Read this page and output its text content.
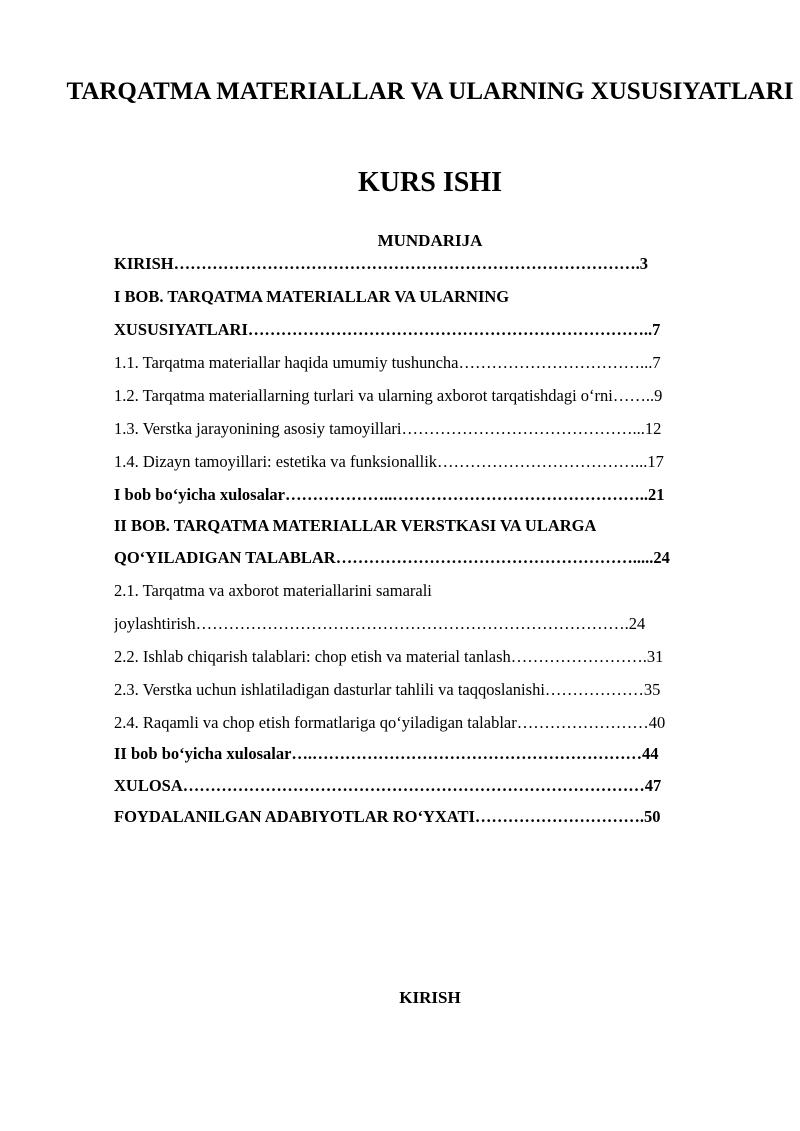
TARQATMA MATERIALLAR VA ULARNING XUSUSIYATLARI
KURS ISHI
MUNDARIJA
KIRISH………………………………………………………………………….3
I BOB. TARQATMA MATERIALLAR VA ULARNING
XUSUSIYATLARI………………………………………………………………..7
1.1. Tarqatma materiallar haqida umumiy tushuncha……………………………...7
1.2. Tarqatma materiallarning turlari va ularning axborot tarqatishdagi o‘rni……..9
1.3. Verstka jarayonining asosiy tamoyillari……………………………………...12
1.4. Dizayn tamoyillari: estetika va funksionallik………………………………...17
I bob bo‘yicha xulosalar………………..………………………………………..21
II BOB. TARQATMA MATERIALLAR VERSTKASI VA ULARGA
QO‘YILADIGAN TALABLAR……………………………………………….....24
2.1. Tarqatma va axborot materiallarini samarali
joylashtirish…………………………………………………………………….24
2.2. Ishlab chiqarish talablari: chop etish va material tanlash…………………….31
2.3. Verstka uchun ishlatiladigan dasturlar tahlili va taqqoslanishi………………35
2.4. Raqamli va chop etish formatlariga qo‘yiladigan talablar……………………40
II bob bo‘yicha xulosalar….……………………………………………………44
XULOSA…………………………………………………………………………47
FOYDALANILGAN ADABIYOTLAR RO‘YXATI………………………….50
KIRISH
